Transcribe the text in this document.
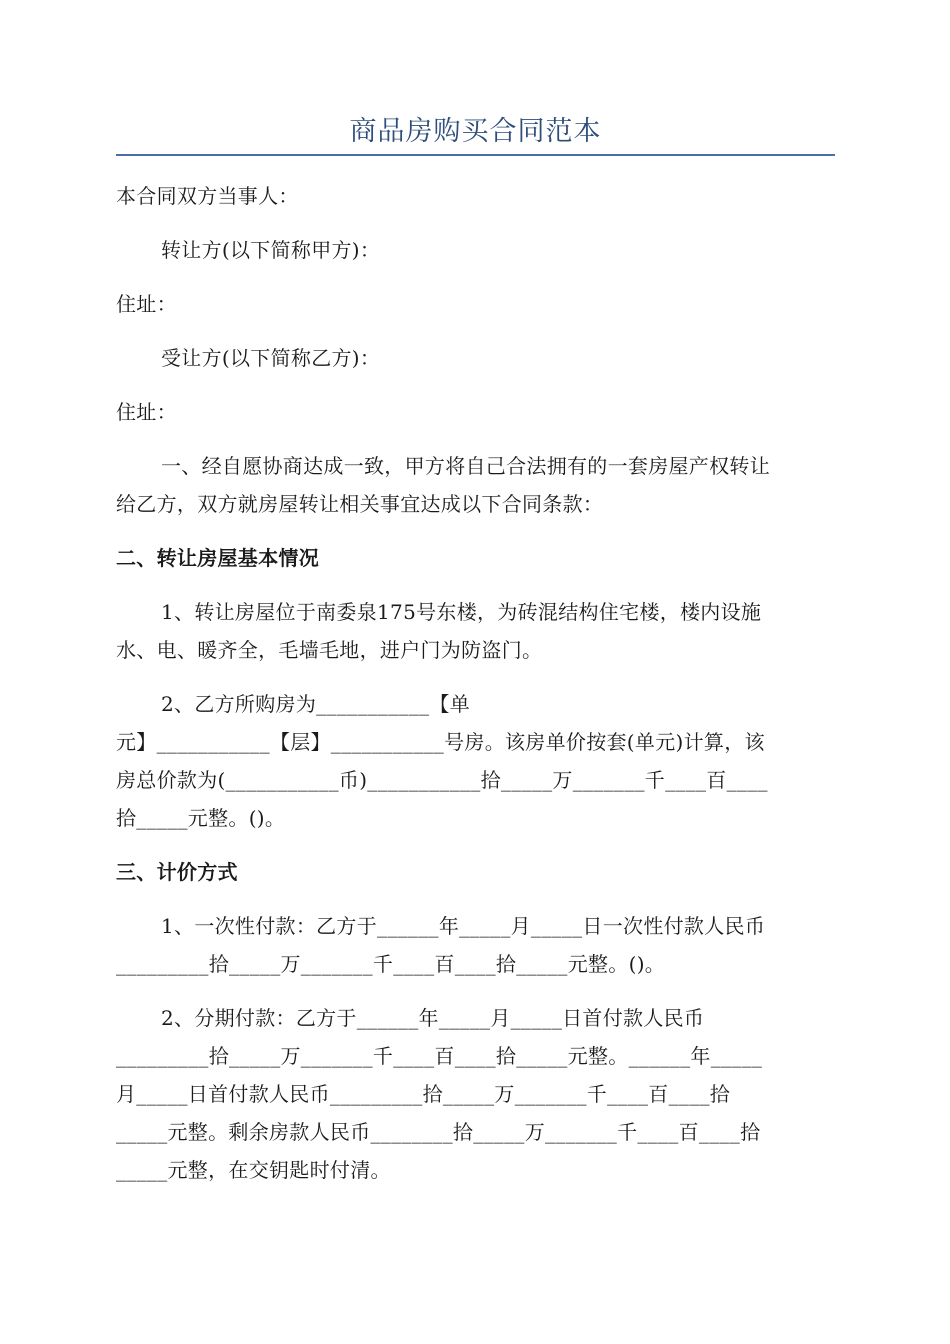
商品房购买合同范本
本合同双方当事人：
转让方(以下简称甲方)：
住址：
受让方(以下简称乙方)：
住址：
一、经自愿协商达成一致，甲方将自己合法拥有的一套房屋产权转让
给乙方，双方就房屋转让相关事宜达成以下合同条款：
二、转让房屋基本情况
1、转让房屋位于南委泉175号东楼，为砖混结构住宅楼，楼内设施
水、电、暖齐全，毛墙毛地，进户门为防盗门。
2、乙方所购房为___________【单
元】___________【层】___________号房。该房单价按套(单元)计算，该
房总价款为(___________币)___________拾_____万_______千____百____
拾_____元整。()。
三、计价方式
1、一次性付款：乙方于______年_____月_____日一次性付款人民币
_________拾_____万_______千____百____拾_____元整。()。
2、分期付款：乙方于______年_____月_____日首付款人民币
_________拾_____万_______千____百____拾_____元整。______年_____
月_____日首付款人民币_________拾_____万_______千____百____拾
_____元整。剩余房款人民币________拾_____万_______千____百____拾
_____元整，在交钥匙时付清。
